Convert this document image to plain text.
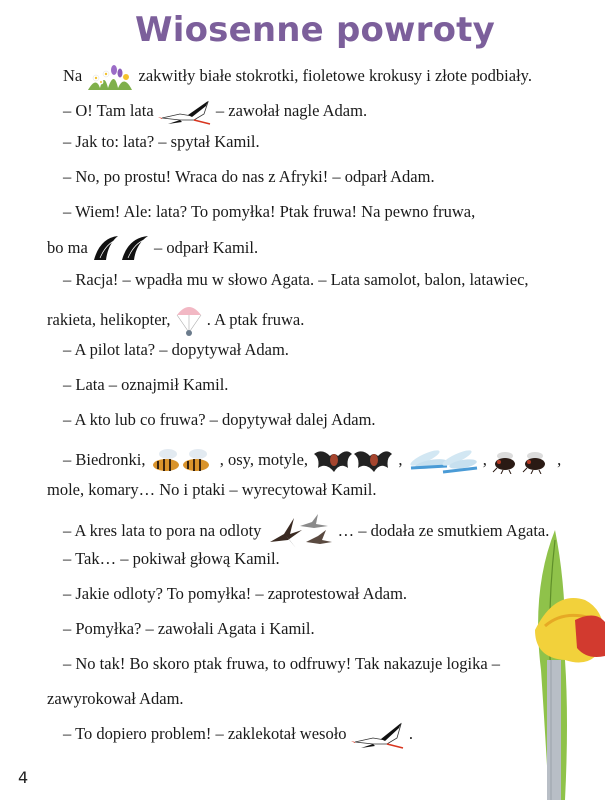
Wiosenne powroty
Na	zakwitły białe stokrotki, fioletowe krokusy i złote podbiały.
– O! Tam lata	– zawołał nagle Adam.
– Jak to: lata? – spytał Kamil.
– No, po prostu! Wraca do nas z Afryki! – odparł Adam.
– Wiem! Ale: lata? To pomyłka! Ptak fruwa! Na pewno fruwa,
bo ma	– odparł Kamil.
– Racja! – wpadła mu w słowo Agata. – Lata samolot, balon, latawiec,
rakieta, helikopter, . A ptak fruwa.
– A pilot lata? – dopytywał Adam.
– Lata – oznajmił Kamil.
– A kto lub co fruwa? – dopytywał dalej Adam.
– Biedronki,	, osy, motyle,	,	,	,
mole, komary… No i ptaki – wyrecytował Kamil.
– A kres lata to pora na odloty	… – dodała ze smutkiem Agata.
– Tak… – pokiwał głową Kamil.
– Jakie odloty? To pomyłka! – zaprotestował Adam.
– Pomyłka? – zawołali Agata i Kamil.
– No tak! Bo skoro ptak fruwa, to odfruwy! Tak nakazuje logika –
zawyrokował Adam.
– To dopiero problem! – zaklekotał wesoło	.
4
